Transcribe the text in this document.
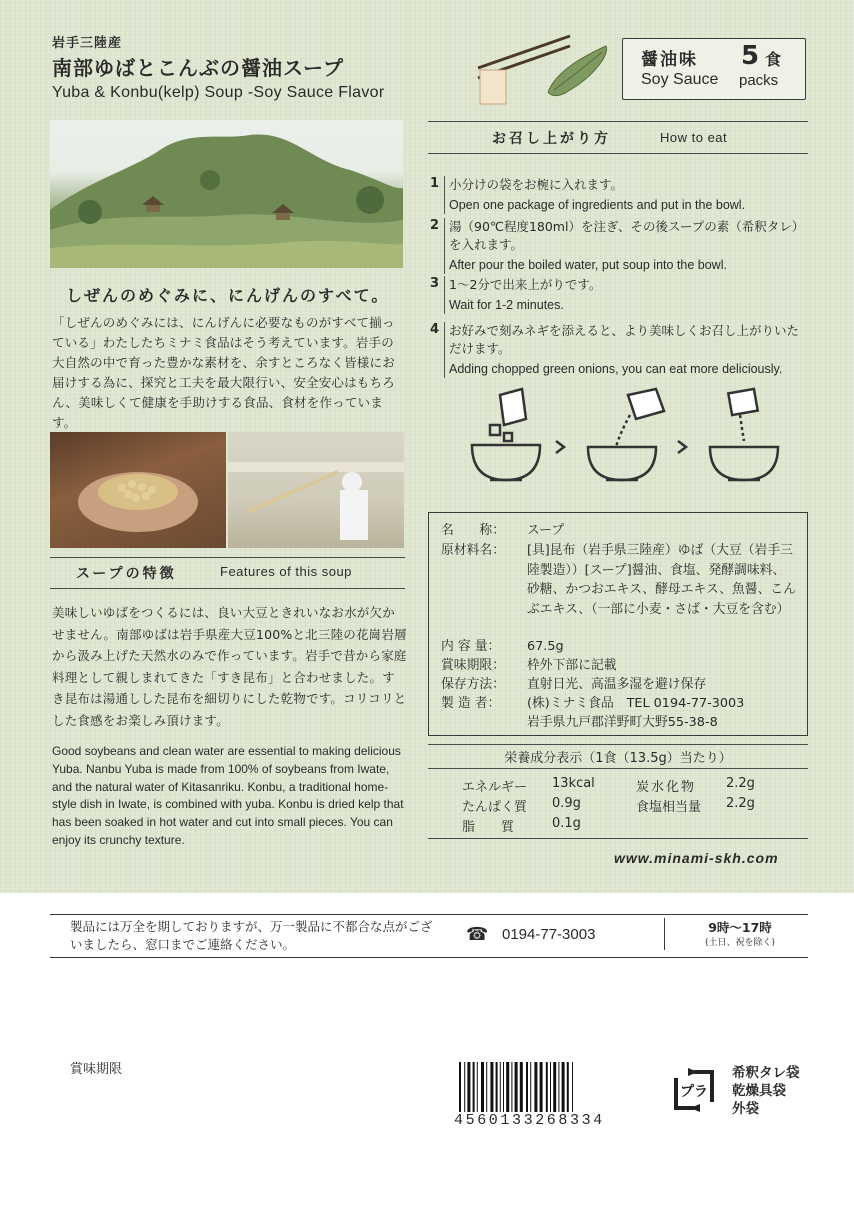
岩手三陸産
南部ゆばとこんぶの醤油スープ
Yuba & Konbu(kelp) Soup -Soy Sauce Flavor
醤油味
Soy Sauce
5 食
packs
しぜんのめぐみに、にんげんのすべて。
「しぜんのめぐみには、にんげんに必要なものがすべて揃っている」わたしたちミナミ食品はそう考えています。岩手の大自然の中で育った豊かな素材を、余すところなく皆様にお届けする為に、探究と工夫を最大限行い、安全安心はもちろん、美味しくて健康を手助けする食品、食材を作っています。
スープの特徴	Features of this soup
美味しいゆばをつくるには、良い大豆ときれいなお水が欠かせません。南部ゆばは岩手県産大豆100%と北三陸の花崗岩層から汲み上げた天然水のみで作っています。岩手で昔から家庭料理として親しまれてきた「すき昆布」と合わせました。すき昆布は湯通しした昆布を細切りにした乾物です。コリコリとした食感をお楽しみ頂けます。
Good soybeans and clean water are essential to making delicious Yuba. Nanbu Yuba is made from 100% of soybeans from Iwate, and the natural water of Kitasanriku. Konbu, a traditional home-style dish in Iwate, is combined with yuba. Konbu is dried kelp that has been soaked in hot water and cut into small pieces. You can enjoy its crunchy texture.
お召し上がり方	How to eat
1 小分けの袋をお椀に入れます。
Open one package of ingredients and put in the bowl.
2 湯（90℃程度180ml）を注ぎ、その後スープの素（希釈タレ）を入れます。
After pour the boiled water, put soup into the bowl.
3 1～2分で出来上がりです。
Wait for 1-2 minutes.
4 お好みで刻みネギを添えると、より美味しくお召し上がりいただけます。
Adding chopped green onions, you can eat more deliciously.
名　　称：	スープ
原材料名：	[具]昆布（岩手県三陸産）ゆば（大豆（岩手三陸製造））[スープ]醤油、食塩、発酵調味料、砂糖、かつおエキス、酵母エキス、魚醤、こんぶエキス、（一部に小麦・さば・大豆を含む）
内 容 量：	67.5g
賞味期限：	枠外下部に記載
保存方法：	直射日光、高温多湿を避け保存
製 造 者：	(株)ミナミ食品　TEL 0194-77-3003
岩手県九戸郡洋野町大野55-38-8
栄養成分表示（1食（13.5g）当たり）
エネルギー 13kcal	炭水化物 2.2g
たんぱく質 0.9g	食塩相当量 2.2g
脂　　質	0.1g
www.minami-skh.com
製品には万全を期しておりますが、万一製品に不都合な点がございましたら、窓口までご連絡ください。	☎ 0194-77-3003	9時～17時
(土日、祝を除く)
賞味期限
4560133268334
プラ
希釈タレ袋
乾燥具袋
外袋
